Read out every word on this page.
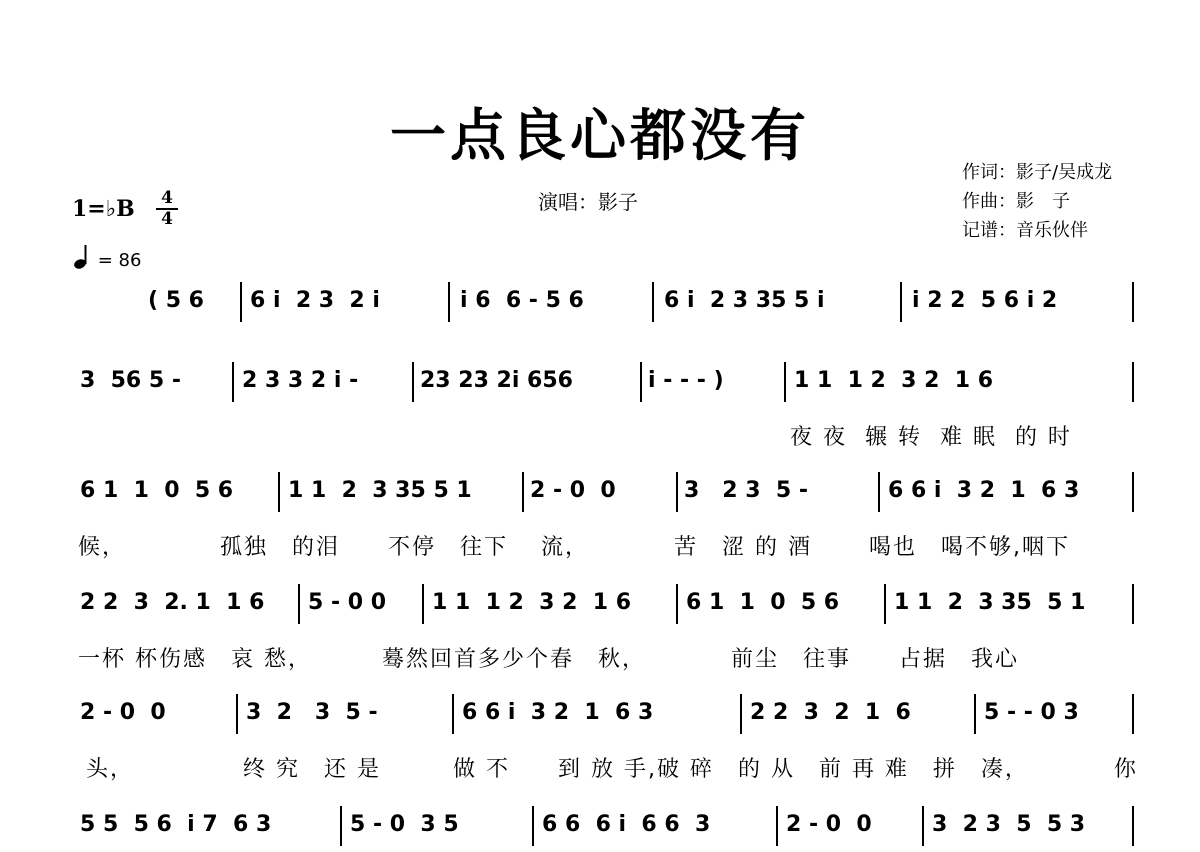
一点良心都没有
演唱：影子
作词：影子/吴成龙
作曲：影　子
记谱：音乐伙伴
1=♭B 4
4
= 86
( 5 6 6 i  2 3  2 i	i 6  6 - 5 6	6 i  2 3 35 5 i	i 2 2  5 6 i 2
3  56 5 -	2 3 3 2 i -	23 23 2i 656	i - - - )	1 1  1 2  3 2  1 6
6 1  1  0  5 6 1 1  2  3 35 5 1	2 - 0  0	3   2 3  5 -	6 6 i  3 2  1  6 3
2 2  3  2. 1  1 6 5 - 0 0 1 1  1 2  3 2  1 6 6 1  1  0  5 6 1 1  2  3 35  5 1
2 - 0  0	3  2   3  5 -	6 6 i  3 2  1  6 3	2 2  3  2  1  6	5 - - 0 3
5 5  5 6  i 7  6 3	5 - 0  3 5	6 6  6 i  6 6  3	2 - 0  0	3  2 3  5  5 3
夜 夜  辗 转  难 眠  的 时
候，　　　　 孤独　的泪　　不停　往下　 流，　　　　苦　涩 的 酒　　 喝也　喝不够,咽下
一杯 杯伤感　哀 愁，　　　 蓦然回首多少个春　秋，　　　　前尘　往事　　占据　我心
头，　　　　　终 究　还 是　　　做 不　　到 放 手,破 碎　的 从　前 再 难　拼　凑，　　　　你
